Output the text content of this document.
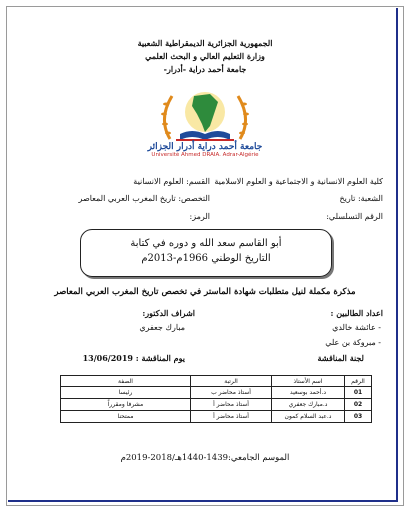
الجمهورية الجزائرية الديمقراطية الشعبية
وزارة التعليم العالي و البحث العلمي
جامعة أحمد دراية -أدرار-
جامعة أحمد دراية أدرار الجزائر
Université Ahmed DRAIA. Adrar-Algérie
كلية العلوم الانسانية و الاجتماعية و العلوم الاسلامية
القسم: العلوم الانسانية
الشعبة: تاريخ
التخصص: تاريخ المغرب العربي المعاصر
الرقم التسلسلي:
الرمز:
أبو القاسم سعد الله و دوره في كتابة
التاريخ الوطني 1966م-2013م
مذكرة مكملة لنيل متطلبات شهادة الماستر في تخصص تاريخ المغرب العربي المعاصر
اعداد الطالبين :
- عائشة خالدي
- مبروكة بن علي
اشراف الدكتور:
مبارك جعفري
لجنة المناقشة
يوم المناقشة : 13/06/2019
الرقم	اسم الأستاذ	الرتبة	الصفة
01	د.أحمد بوسعيد	أستاذ محاضر ب	رئيسا
02	د.مبارك جعفري	أستاذ محاضر أ	مشرفا ومقرراً
03	د.عبد السلام كمون	أستاذ محاضر أ	ممتحنا
الموسم الجامعي:1439-1440هـ/2018-2019م
